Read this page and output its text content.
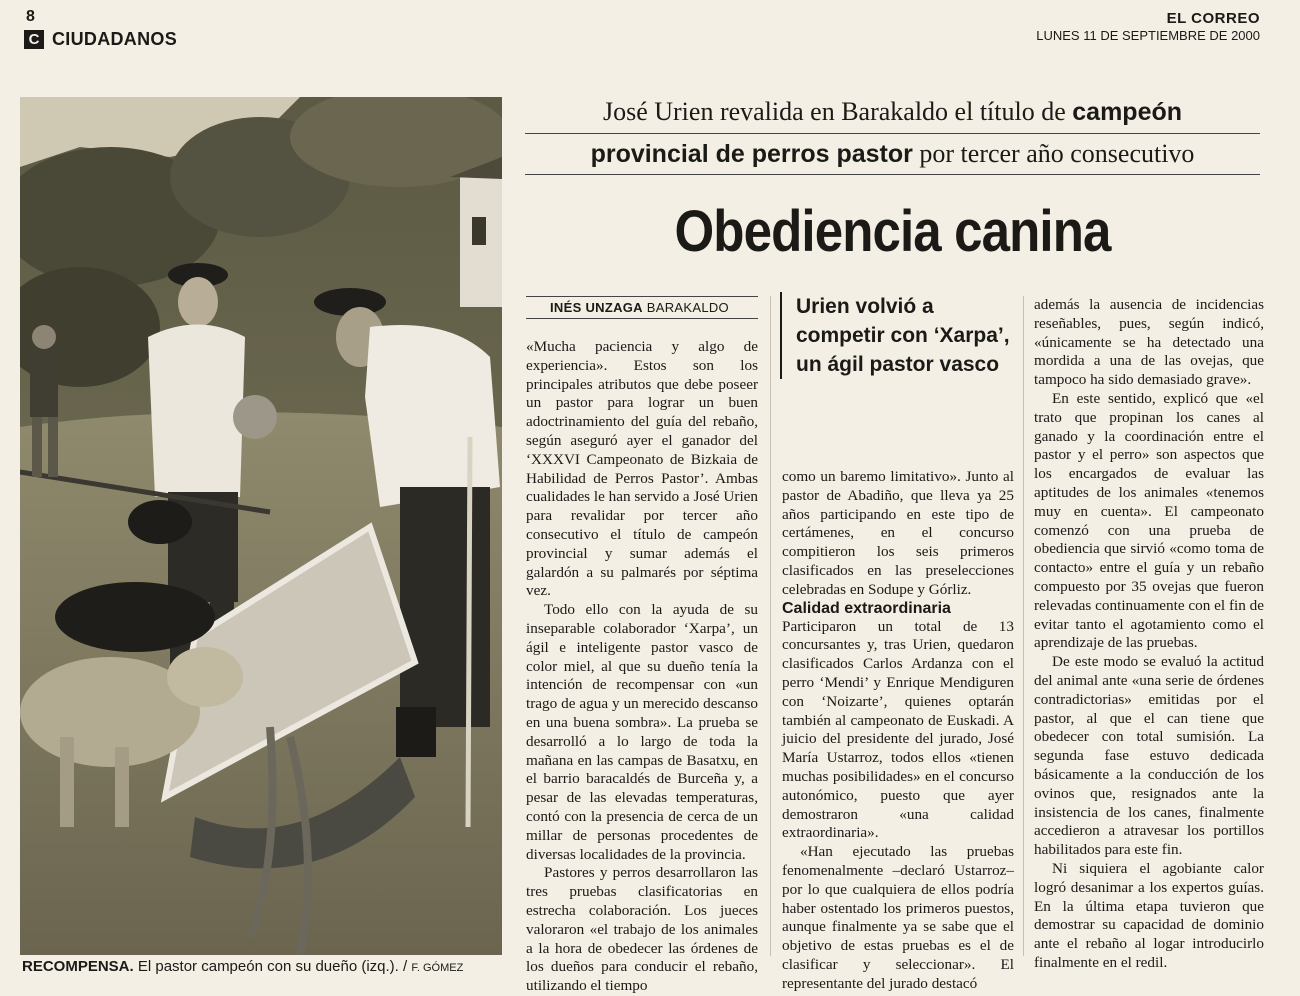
8
C CIUDADANOS
EL CORREO
LUNES 11 DE SEPTIEMBRE DE 2000
RECOMPENSA. El pastor campeón con su dueño (izq.). / F. GÓMEZ
José Urien revalida en Barakaldo el título de campeón
provincial de perros pastor por tercer año consecutivo
Obediencia canina
INÉS UNZAGA BARAKALDO

«Mucha paciencia y algo de experiencia». Estos son los principales atributos que debe poseer un pastor para lograr un buen adoctrinamiento del guía del rebaño, según aseguró ayer el ganador del ‘XXXVI Campeonato de Bizkaia de Habilidad de Perros Pastor’. Ambas cualidades le han servido a José Urien para revalidar por tercer año consecutivo el título de campeón provincial y sumar además el galardón a su palmarés por séptima vez.

Todo ello con la ayuda de su inseparable colaborador ‘Xarpa’, un ágil e inteligente pastor vasco de color miel, al que su dueño tenía la intención de recompensar con «un trago de agua y un merecido descanso en una buena sombra». La prueba se desarrolló a lo largo de toda la mañana en las campas de Basatxu, en el barrio baracaldés de Burceña y, a pesar de las elevadas temperaturas, contó con la presencia de cerca de un millar de personas procedentes de diversas localidades de la provincia.

Pastores y perros desarrollaron las tres pruebas clasificatorias en estrecha colaboración. Los jueces valoraron «el trabajo de los animales a la hora de obedecer las órdenes de los dueños para conducir el rebaño, utilizando el tiempo

Urien volvió a competir con ‘Xarpa’, un ágil pastor vasco

como un baremo limitativo». Junto al pastor de Abadiño, que lleva ya 25 años participando en este tipo de certámenes, en el concurso compitieron los seis primeros clasificados en las preselecciones celebradas en Sodupe y Górliz.

Calidad extraordinaria

Participaron un total de 13 concursantes y, tras Urien, quedaron clasificados Carlos Ardanza con el perro ‘Mendi’ y Enrique Mendiguren con ‘Noizarte’, quienes optarán también al campeonato de Euskadi. A juicio del presidente del jurado, José María Ustarroz, todos ellos «tienen muchas posibilidades» en el concurso autonómico, puesto que ayer demostraron «una calidad extraordinaria».

«Han ejecutado las pruebas fenomenalmente –declaró Ustarroz– por lo que cualquiera de ellos podría haber ostentado los primeros puestos, aunque finalmente ya se sabe que el objetivo de estas pruebas es el de clasificar y seleccionar». El representante del jurado destacó

además la ausencia de incidencias reseñables, pues, según indicó, «únicamente se ha detectado una mordida a una de las ovejas, que tampoco ha sido demasiado grave».

En este sentido, explicó que «el trato que propinan los canes al ganado y la coordinación entre el pastor y el perro» son aspectos que los encargados de evaluar las aptitudes de los animales «tenemos muy en cuenta». El campeonato comenzó con una prueba de obediencia que sirvió «como toma de contacto» entre el guía y un rebaño compuesto por 35 ovejas que fueron relevadas continuamente con el fin de evitar tanto el agotamiento como el aprendizaje de las pruebas.

De este modo se evaluó la actitud del animal ante «una serie de órdenes contradictorias» emitidas por el pastor, al que el can tiene que obedecer con total sumisión. La segunda fase estuvo dedicada básicamente a la conducción de los ovinos que, resignados ante la insistencia de los canes, finalmente accedieron a atravesar los portillos habilitados para este fin.

Ni siquiera el agobiante calor logró desanimar a los expertos guías. En la última etapa tuvieron que demostrar su capacidad de dominio ante el rebaño al logar introducirlo finalmente en el redil.
